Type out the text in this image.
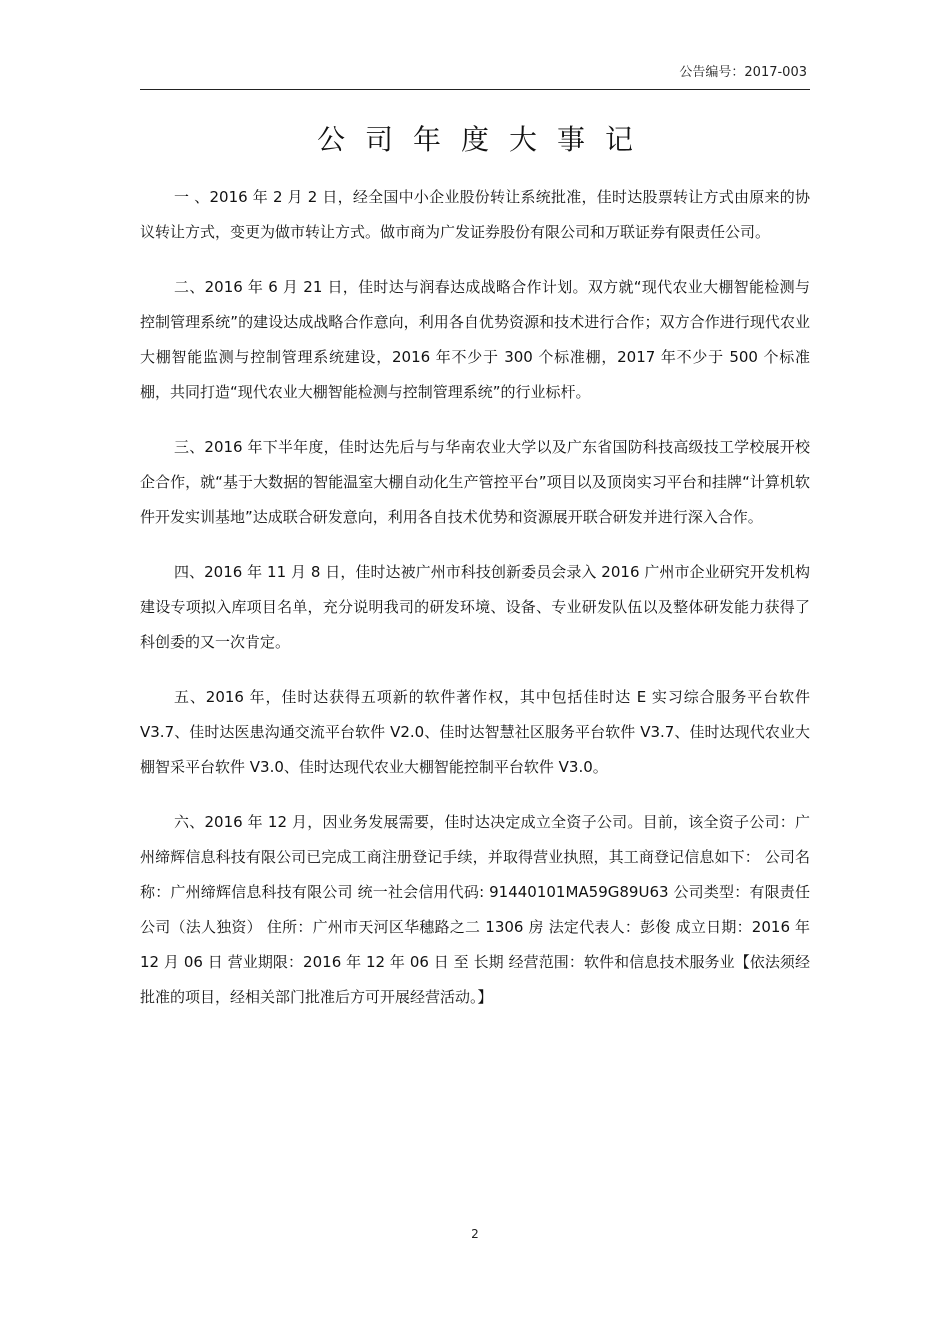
公告编号：2017-003
公司年度大事记

一 、2016 年 2 月 2 日，经全国中小企业股份转让系统批准，佳时达股票转让方式由原来的协议转让方式，变更为做市转让方式。做市商为广发证券股份有限公司和万联证券有限责任公司。

二、2016 年 6 月 21 日，佳时达与润春达成战略合作计划。双方就“现代农业大棚智能检测与控制管理系统”的建设达成战略合作意向，利用各自优势资源和技术进行合作；双方合作进行现代农业大棚智能监测与控制管理系统建设，2016 年不少于 300 个标准棚，2017 年不少于 500 个标准棚，共同打造“现代农业大棚智能检测与控制管理系统”的行业标杆。

三、2016 年下半年度，佳时达先后与与华南农业大学以及广东省国防科技高级技工学校展开校企合作，就“基于大数据的智能温室大棚自动化生产管控平台”项目以及顶岗实习平台和挂牌“计算机软件开发实训基地”达成联合研发意向，利用各自技术优势和资源展开联合研发并进行深入合作。

四、2016 年 11 月 8 日，佳时达被广州市科技创新委员会录入 2016 广州市企业研究开发机构建设专项拟入库项目名单，充分说明我司的研发环境、设备、专业研发队伍以及整体研发能力获得了科创委的又一次肯定。

五、2016 年，佳时达获得五项新的软件著作权，其中包括佳时达 E 实习综合服务平台软件 V3.7、佳时达医患沟通交流平台软件 V2.0、佳时达智慧社区服务平台软件 V3.7、佳时达现代农业大棚智采平台软件 V3.0、佳时达现代农业大棚智能控制平台软件 V3.0。

六、2016 年 12 月，因业务发展需要，佳时达决定成立全资子公司。目前，该全资子公司：广州缔辉信息科技有限公司已完成工商注册登记手续，并取得营业执照，其工商登记信息如下： 公司名称：广州缔辉信息科技有限公司 统一社会信用代码: 91440101MA59G89U63 公司类型：有限责任公司（法人独资） 住所：广州市天河区华穗路之二 1306 房 法定代表人：彭俊 成立日期：2016 年 12 月 06 日 营业期限：2016 年 12 年 06 日 至 长期 经营范围：软件和信息技术服务业【依法须经批准的项目，经相关部门批准后方可开展经营活动。】

2
